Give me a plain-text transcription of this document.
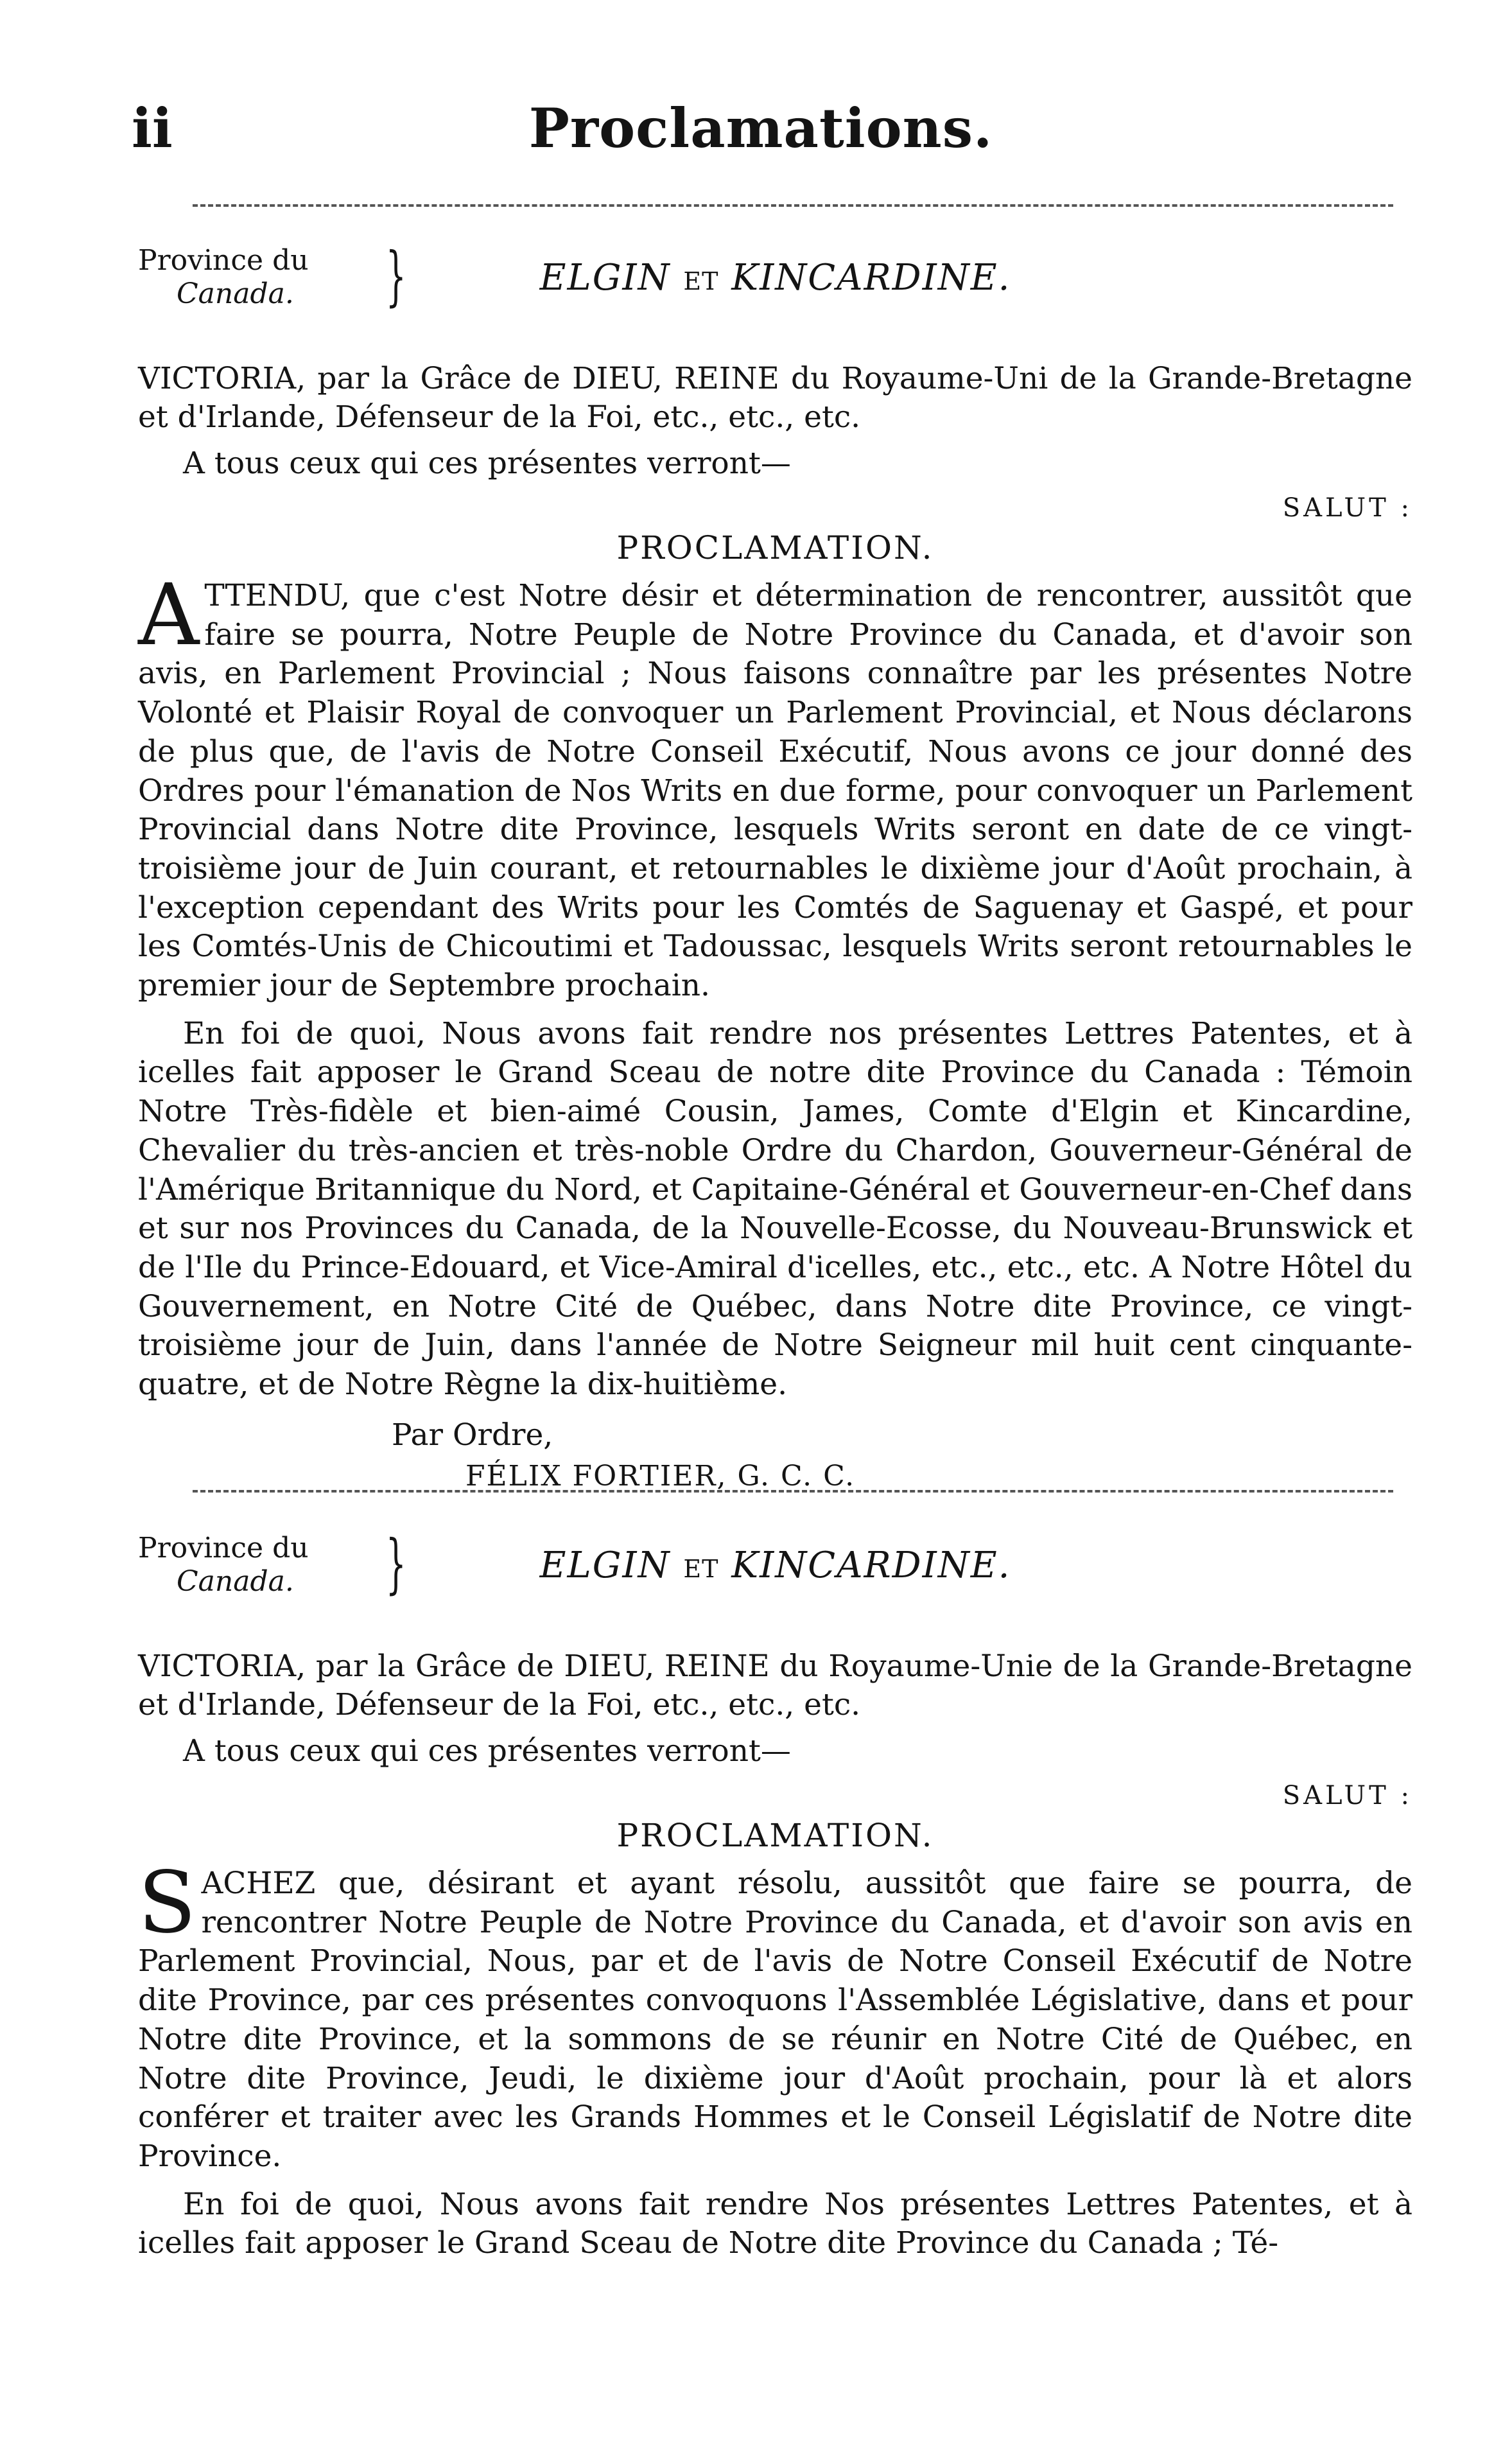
ii	Proclamations.
Province du
Canada. }	ELGIN ET KINCARDINE.

VICTORIA, par la Grâce de DIEU, REINE du Royaume-Uni de la Grande-Bretagne et d'Irlande, Défenseur de la Foi, etc., etc., etc.

A tous ceux qui ces présentes verront—

SALUT :
PROCLAMATION.

ATTENDU, que c'est Notre désir et détermination de rencontrer, aussitôt que faire se pourra, Notre Peuple de Notre Province du Canada, et d'avoir son avis, en Parlement Provincial ; Nous faisons connaître par les présentes Notre Volonté et Plaisir Royal de convoquer un Parlement Provincial, et Nous déclarons de plus que, de l'avis de Notre Conseil Exécutif, Nous avons ce jour donné des Ordres pour l'émanation de Nos Writs en due forme, pour convoquer un Parlement Provincial dans Notre dite Province, lesquels Writs seront en date de ce vingt-troisième jour de Juin courant, et retournables le dixième jour d'Août prochain, à l'exception cependant des Writs pour les Comtés de Saguenay et Gaspé, et pour les Comtés-Unis de Chicoutimi et Tadoussac, lesquels Writs seront retournables le premier jour de Septembre prochain.

En foi de quoi, Nous avons fait rendre nos présentes Lettres Patentes, et à icelles fait apposer le Grand Sceau de notre dite Province du Canada : Témoin Notre Très-fidèle et bien-aimé Cousin, James, Comte d'Elgin et Kincardine, Chevalier du très-ancien et très-noble Ordre du Chardon, Gouverneur-Général de l'Amérique Britannique du Nord, et Capitaine-Général et Gouverneur-en-Chef dans et sur nos Provinces du Canada, de la Nouvelle-Ecosse, du Nouveau-Brunswick et de l'Ile du Prince-Edouard, et Vice-Amiral d'icelles, etc., etc., etc. A Notre Hôtel du Gouvernement, en Notre Cité de Québec, dans Notre dite Province, ce vingt-troisième jour de Juin, dans l'année de Notre Seigneur mil huit cent cinquante-quatre, et de Notre Règne la dix-huitième.

Par Ordre,

FÉLIX FORTIER, G. C. C.

Province du
Canada. }	ELGIN ET KINCARDINE.

VICTORIA, par la Grâce de DIEU, REINE du Royaume-Unie de la Grande-Bretagne et d'Irlande, Défenseur de la Foi, etc., etc., etc.

A tous ceux qui ces présentes verront—

SALUT :
PROCLAMATION.

SACHEZ que, désirant et ayant résolu, aussitôt que faire se pourra, de rencontrer Notre Peuple de Notre Province du Canada, et d'avoir son avis en Parlement Provincial, Nous, par et de l'avis de Notre Conseil Exécutif de Notre dite Province, par ces présentes convoquons l'Assemblée Législative, dans et pour Notre dite Province, et la sommons de se réunir en Notre Cité de Québec, en Notre dite Province, Jeudi, le dixième jour d'Août prochain, pour là et alors conférer et traiter avec les Grands Hommes et le Conseil Législatif de Notre dite Province.

En foi de quoi, Nous avons fait rendre Nos présentes Lettres Patentes, et à icelles fait apposer le Grand Sceau de Notre dite Province du Canada ; Té-
